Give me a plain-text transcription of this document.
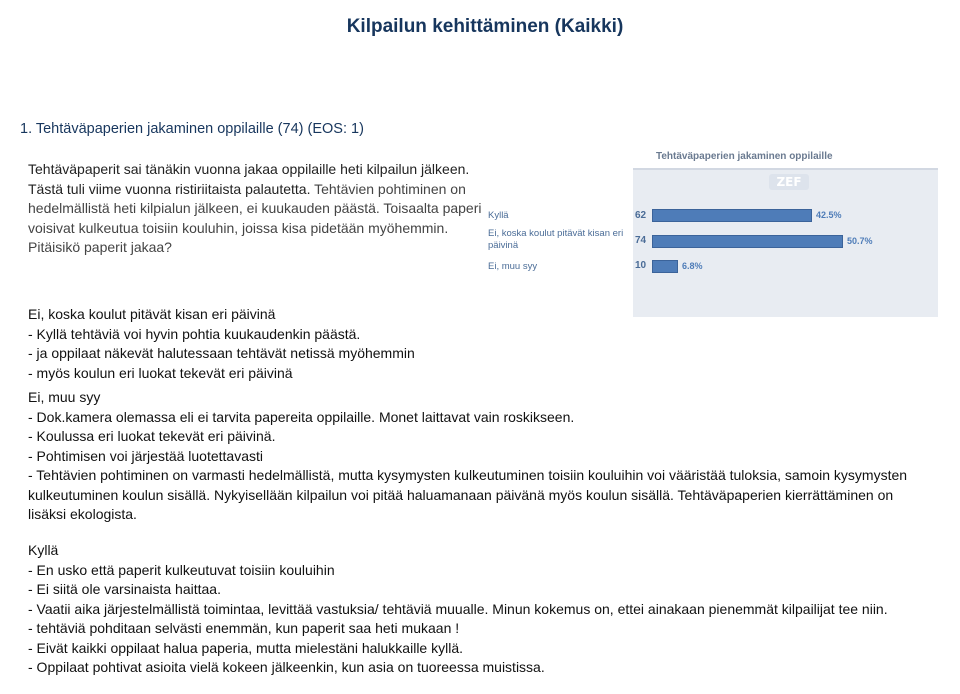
Kilpailun kehittäminen (Kaikki)
1. Tehtäväpaperien jakaminen oppilaille (74) (EOS: 1)
Tehtäväpaperit sai tänäkin vuonna jakaa oppilaille heti kilpailun jälkeen. Tästä tuli viime vuonna ristiriitaista palautetta. Tehtävien pohtiminen on hedelmällistä heti kilpialun jälkeen, ei kuukauden päästä. Toisaalta paperi voisivat kulkeutua toisiin kouluhin, joissa kisa pidetään myöhemmin. Pitäisikö paperit jakaa?
Tehtäväpaperien jakaminen oppilaille
ZEF
Kyllä
Ei, koska koulut pitävät kisan eri päivinä
Ei, muu syy
62
74
10
42.5%
50.7%
6.8%

Ei, koska koulut pitävät kisan eri päivinä

- Kyllä tehtäviä voi hyvin pohtia kuukaudenkin päästä.

- ja oppilaat näkevät halutessaan tehtävät netissä myöhemmin

- myös koulun eri luokat tekevät eri päivinä

Ei, muu syy

- Dok.kamera olemassa eli ei tarvita papereita oppilaille. Monet laittavat vain roskikseen.

- Koulussa eri luokat tekevät eri päivinä.

- Pohtimisen voi järjestää luotettavasti

- Tehtävien pohtiminen on varmasti hedelmällistä, mutta kysymysten kulkeutuminen toisiin kouluihin voi vääristää tuloksia, samoin kysymysten kulkeutuminen koulun sisällä. Nykyisellään kilpailun voi pitää haluamanaan päivänä myös koulun sisällä. Tehtäväpaperien kierrättäminen on lisäksi ekologista.

Kyllä

- En usko että paperit kulkeutuvat toisiin kouluihin

- Ei siitä ole varsinaista haittaa.

- Vaatii aika järjestelmällistä toimintaa, levittää vastuksia/ tehtäviä muualle. Minun kokemus on, ettei ainakaan pienemmät kilpailijat tee niin.

- tehtäviä pohditaan selvästi enemmän, kun paperit saa heti mukaan !

- Eivät kaikki oppilaat halua paperia, mutta mielestäni halukkaille kyllä.

- Oppilaat pohtivat asioita vielä kokeen jälkeenkin, kun asia on tuoreessa muistissa.
